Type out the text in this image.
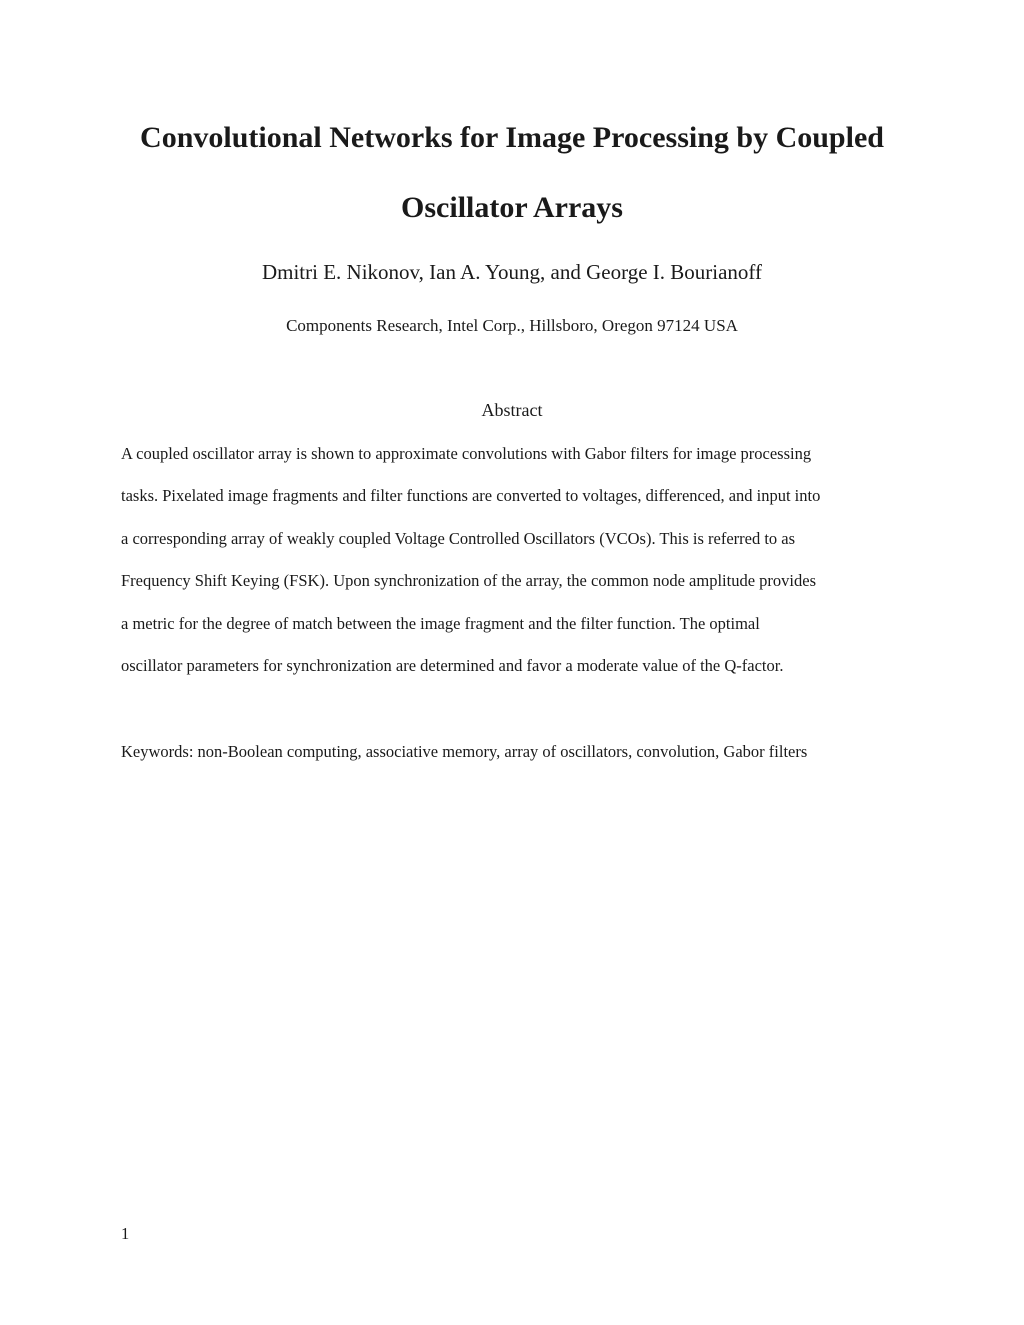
Convolutional Networks for Image Processing by Coupled
Oscillator Arrays
Dmitri E. Nikonov, Ian A. Young, and George I. Bourianoff
Components Research, Intel Corp., Hillsboro, Oregon 97124 USA
Abstract
A coupled oscillator array is shown to approximate convolutions with Gabor filters for image processing
tasks. Pixelated image fragments and filter functions are converted to voltages, differenced, and input into
a corresponding array of weakly coupled Voltage Controlled Oscillators (VCOs). This is referred to as
Frequency Shift Keying (FSK). Upon synchronization of the array, the common node amplitude provides
a metric for the degree of match between the image fragment and the filter function. The optimal
oscillator parameters for synchronization are determined and favor a moderate value of the Q-factor.
Keywords: non-Boolean computing, associative memory, array of oscillators, convolution, Gabor filters
1
